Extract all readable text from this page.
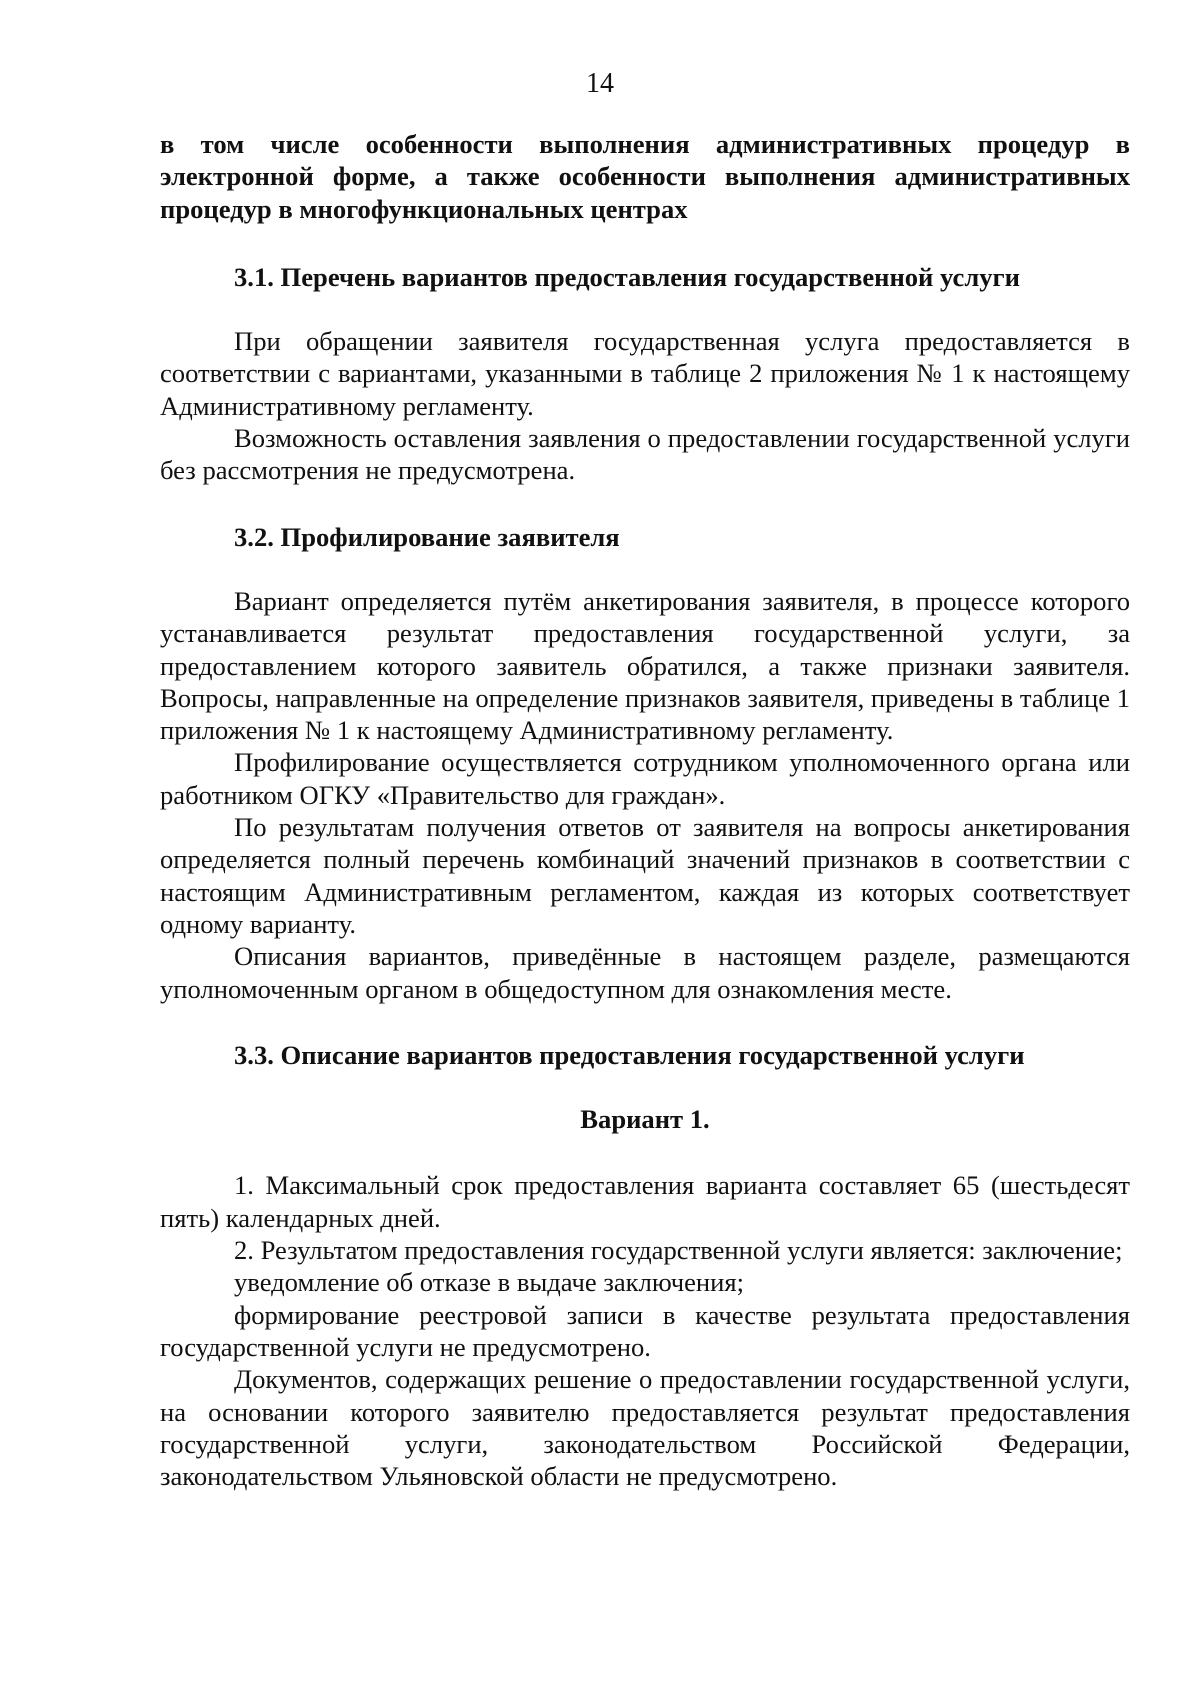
14

в том числе особенности выполнения административных процедур в электронной форме, а также особенности выполнения административных процедур в многофункциональных центрах

3.1. Перечень вариантов предоставления государственной услуги

При обращении заявителя государственная услуга предоставляется в соответствии с вариантами, указанными в таблице 2 приложения № 1 к настоящему Административному регламенту.

Возможность оставления заявления о предоставлении государственной услуги без рассмотрения не предусмотрена.

3.2. Профилирование заявителя

Вариант определяется путём анкетирования заявителя, в процессе которого устанавливается результат предоставления государственной услуги, за предоставлением которого заявитель обратился, а также признаки заявителя. Вопросы, направленные на определение признаков заявителя, приведены в таблице 1 приложения № 1 к настоящему Административному регламенту.

Профилирование осуществляется сотрудником уполномоченного органа или работником ОГКУ «Правительство для граждан».

По результатам получения ответов от заявителя на вопросы анкетирования определяется полный перечень комбинаций значений признаков в соответствии с настоящим Административным регламентом, каждая из которых соответствует одному варианту.

Описания вариантов, приведённые в настоящем разделе, размещаются уполномоченным органом в общедоступном для ознакомления месте.

3.3. Описание вариантов предоставления государственной услуги

Вариант 1.

1. Максимальный срок предоставления варианта составляет 65 (шестьдесят пять) календарных дней.

2. Результатом предоставления государственной услуги является: заключение;

уведомление об отказе в выдаче заключения;

формирование реестровой записи в качестве результата предоставления государственной услуги не предусмотрено.

Документов, содержащих решение о предоставлении государственной услуги, на основании которого заявителю предоставляется результат предоставления государственной услуги, законодательством Российской Федерации, законодательством Ульяновской области не предусмотрено.
